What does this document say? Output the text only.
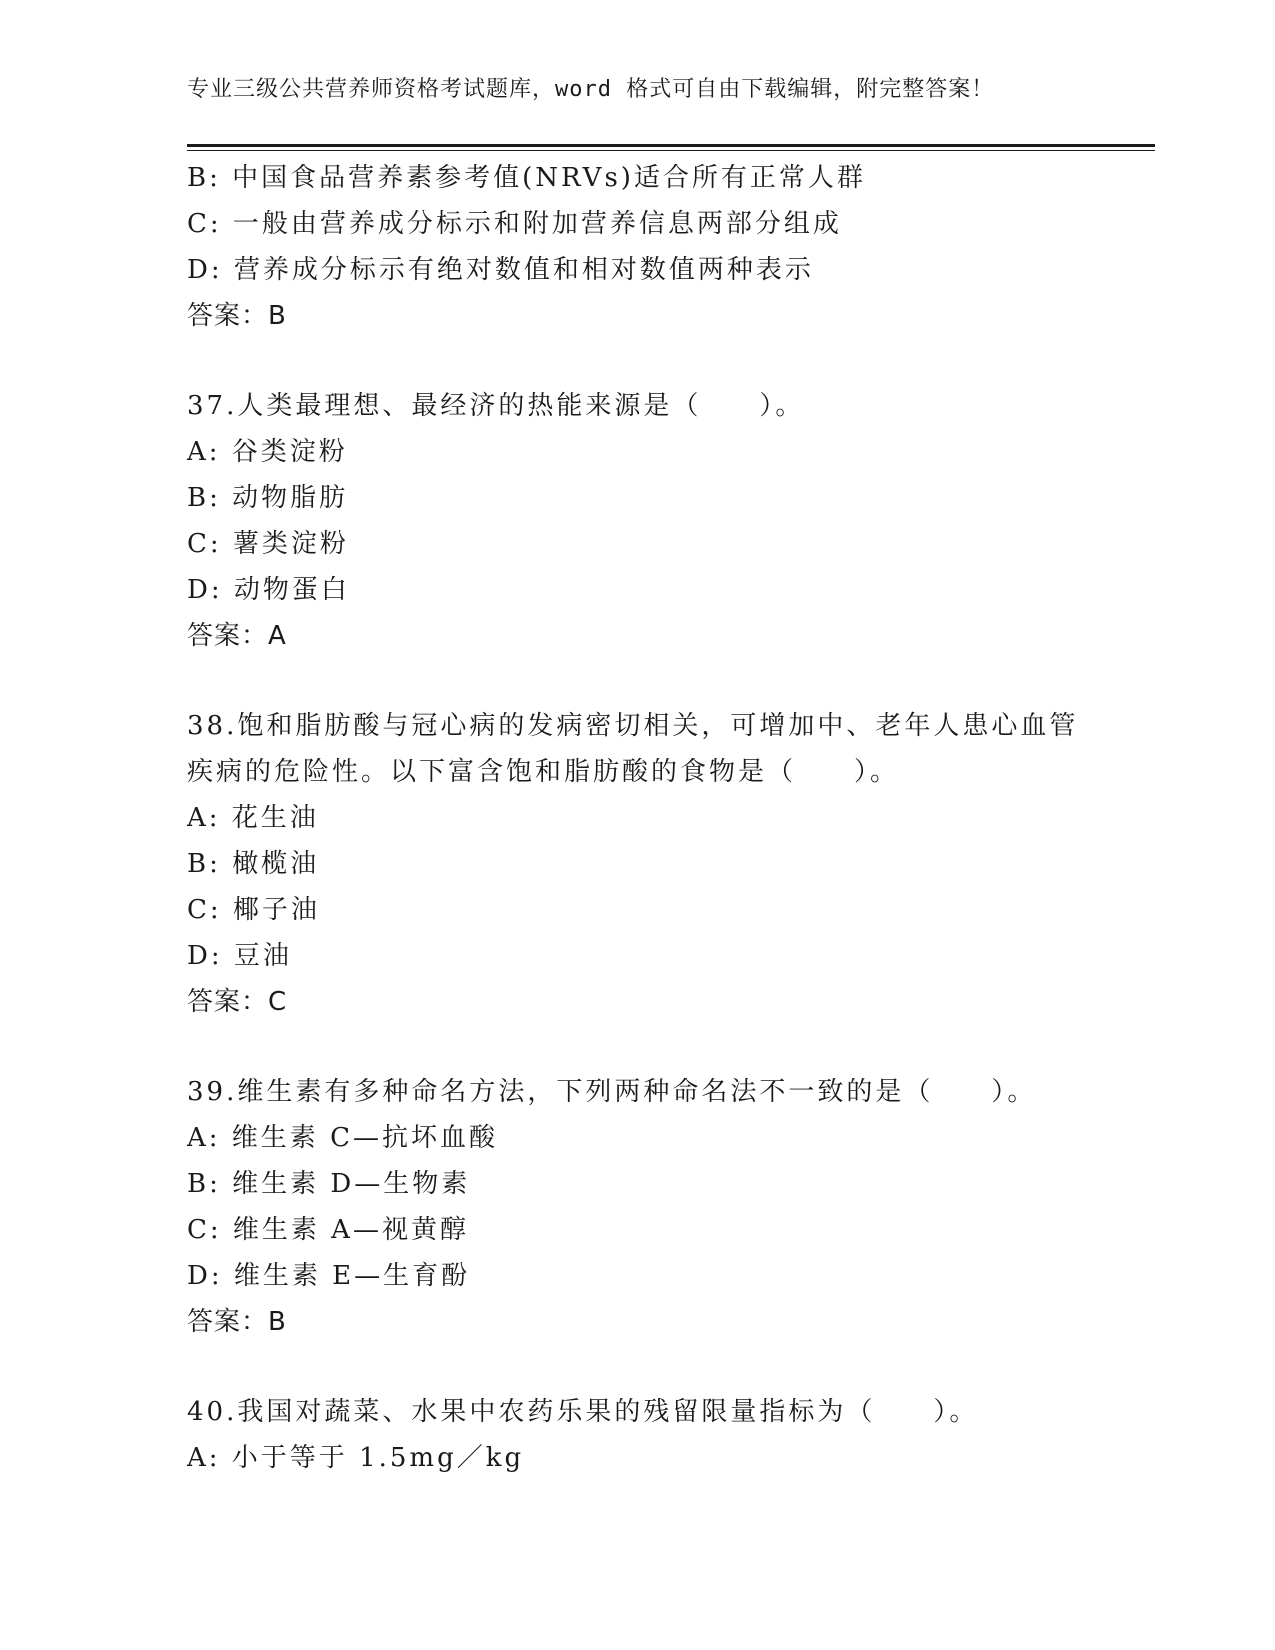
专业三级公共营养师资格考试题库，word 格式可自由下载编辑，附完整答案！
B: 中国食品营养素参考值(NRVs)适合所有正常人群
C: 一般由营养成分标示和附加营养信息两部分组成
D: 营养成分标示有绝对数值和相对数值两种表示
答案：B
37.人类最理想、最经济的热能来源是（　　）。
A: 谷类淀粉
B: 动物脂肪
C: 薯类淀粉
D: 动物蛋白
答案：A
38.饱和脂肪酸与冠心病的发病密切相关，可增加中、老年人患心血管
疾病的危险性。以下富含饱和脂肪酸的食物是（　　）。
A: 花生油
B: 橄榄油
C: 椰子油
D: 豆油
答案：C
39.维生素有多种命名方法，下列两种命名法不一致的是（　　）。
A: 维生素 C—抗坏血酸
B: 维生素 D—生物素
C: 维生素 A—视黄醇
D: 维生素 E—生育酚
答案：B
40.我国对蔬菜、水果中农药乐果的残留限量指标为（　　）。
A: 小于等于 1.5mg／kg
